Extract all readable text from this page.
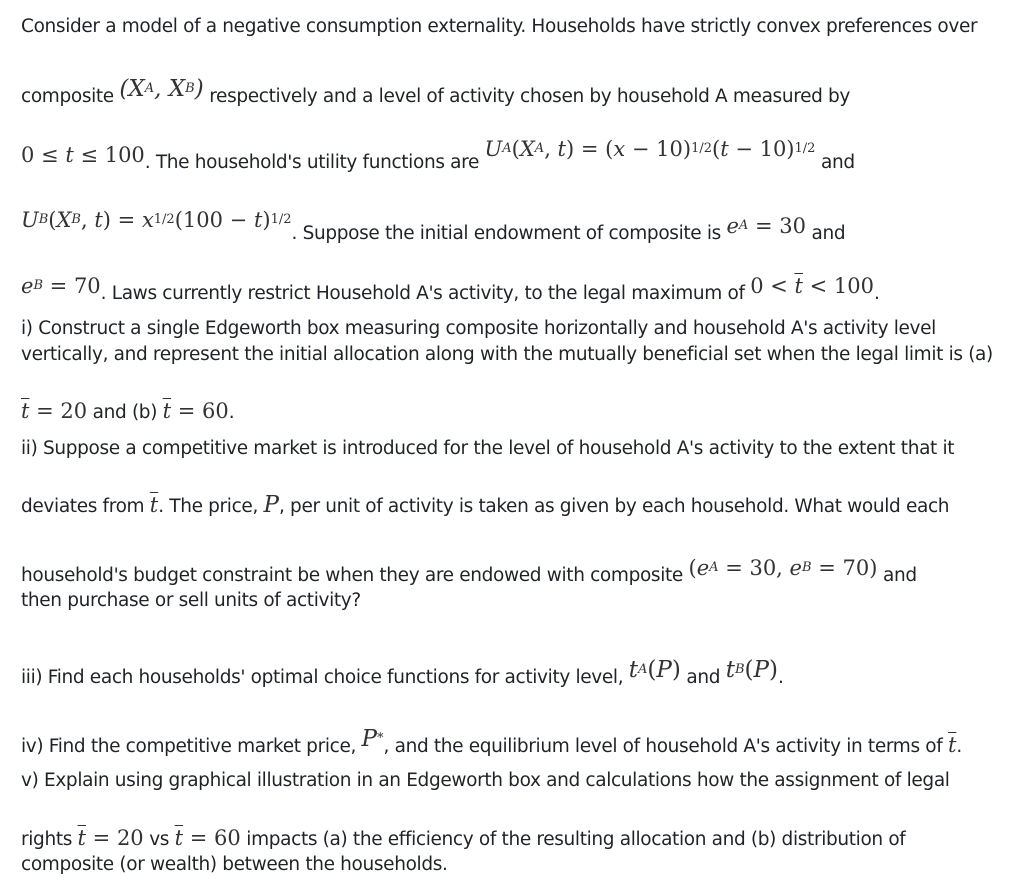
Consider a model of a negative consumption externality. Households have strictly convex preferences over
composite ($X^A$, $X^B$) respectively and a level of activity chosen by household A measured by
0 ≤ t ≤ 100. The household's utility functions are $U^A(X^A$, $t) = (x - 10)^{1/2}(t - 10)^{1/2}$ and
$U^B(X^B$, $t) = x^{1/2}(100 - t)^{1/2}$. Suppose the initial endowment of composite is $e^A = 30$ and
$e^B = 70$. Laws currently restrict Household A's activity, to the legal maximum of $0 < \overline{t} < 100$.
i) Construct a single Edgeworth box measuring composite horizontally and household A's activity level
vertically, and represent the initial allocation along with the mutually beneficial set when the legal limit is (a)
$\overline{t} = 20$ and (b) $\overline{t} = 60$.
ii) Suppose a competitive market is introduced for the level of household A's activity to the extent that it
deviates from $\overline{t}$. The price, P, per unit of activity is taken as given by each household. What would each
household's budget constraint be when they are endowed with composite ($e^A = 30$, $e^B = 70$) and
then purchase or sell units of activity?
iii) Find each households' optimal choice functions for activity level, $t^A(P)$ and $t^B(P)$.
iv) Find the competitive market price, P*, and the equilibrium level of household A's activity in terms of $\overline{t}$.
v) Explain using graphical illustration in an Edgeworth box and calculations how the assignment of legal
rights $\overline{t} = 20$ vs $\overline{t} = 60$ impacts (a) the efficiency of the resulting allocation and (b) distribution of
composite (or wealth) between the households.
